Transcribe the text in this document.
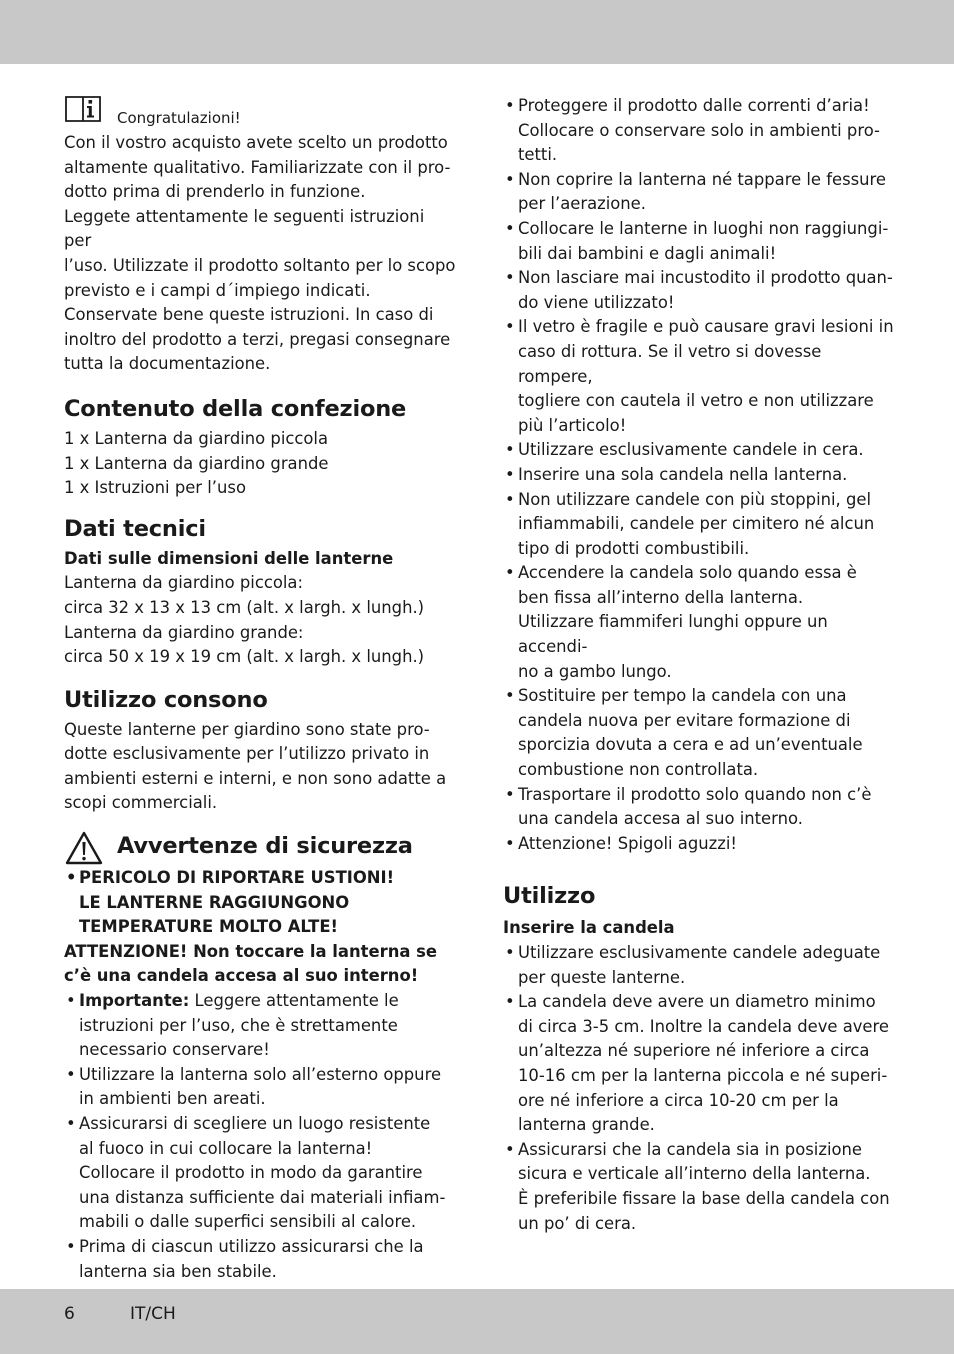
Congratulazioni!

Con il vostro acquisto avete scelto un prodotto

altamente qualitativo. Familiarizzate con il pro-

dotto prima di prenderlo in funzione.

Leggete attentamente le seguenti istruzioni per

l’uso. Utilizzate il prodotto soltanto per lo scopo

previsto e i campi d´impiego indicati.

Conservate bene queste istruzioni. In caso di

inoltro del prodotto a terzi, pregasi consegnare

tutta la documentazione.

Contenuto della confezione

1 x Lanterna da giardino piccola

1 x Lanterna da giardino grande

1 x Istruzioni per l’uso

Dati tecnici

Dati sulle dimensioni delle lanterne

Lanterna da giardino piccola:

circa 32 x 13 x 13 cm (alt. x largh. x lungh.)

Lanterna da giardino grande:

circa 50 x 19 x 19 cm (alt. x largh. x lungh.)

Utilizzo consono

Queste lanterne per giardino sono state pro-

dotte esclusivamente per l’utilizzo privato in

ambienti esterni e interni, e non sono adatte a

scopi commerciali.

Avvertenze di sicurezza
• PERICOLO DI RIPORTARE USTIONI!
LE LANTERNE RAGGIUNGONO
TEMPERATURE MOLTO ALTE!

ATTENZIONE! Non toccare la lanterna se

c’è una candela accesa al suo interno!

• Importante: Leggere attentamente le
istruzioni per l’uso, che è strettamente
necessario conservare!
• Utilizzare la lanterna solo all’esterno oppure
in ambienti ben areati.
• Assicurarsi di scegliere un luogo resistente
al fuoco in cui collocare la lanterna!
Collocare il prodotto in modo da garantire
una distanza sufficiente dai materiali infiam-
mabili o dalle superfici sensibili al calore.
• Prima di ciascun utilizzo assicurarsi che la
lanterna sia ben stabile.
• Proteggere il prodotto dalle correnti d’aria!
Collocare o conservare solo in ambienti pro-
tetti.
• Non coprire la lanterna né tappare le fessure
per l’aerazione.
• Collocare le lanterne in luoghi non raggiungi-
bili dai bambini e dagli animali!
• Non lasciare mai incustodito il prodotto quan-
do viene utilizzato!
• Il vetro è fragile e può causare gravi lesioni in
caso di rottura. Se il vetro si dovesse rompere,
togliere con cautela il vetro e non utilizzare
più l’articolo!
• Utilizzare esclusivamente candele in cera.
• Inserire una sola candela nella lanterna.
• Non utilizzare candele con più stoppini, gel
infiammabili, candele per cimitero né alcun
tipo di prodotti combustibili.
• Accendere la candela solo quando essa è
ben fissa all’interno della lanterna.
Utilizzare fiammiferi lunghi oppure un accendi-
no a gambo lungo.
• Sostituire per tempo la candela con una
candela nuova per evitare formazione di
sporcizia dovuta a cera e ad un’eventuale
combustione non controllata.
• Trasportare il prodotto solo quando non c’è
una candela accesa al suo interno.
• Attenzione! Spigoli aguzzi!
Utilizzo

Inserire la candela

• Utilizzare esclusivamente candele adeguate
per queste lanterne.
• La candela deve avere un diametro minimo
di circa 3-5 cm. Inoltre la candela deve avere
un’altezza né superiore né inferiore a circa
10-16 cm per la lanterna piccola e né superi-
ore né inferiore a circa 10-20 cm per la
lanterna grande.
• Assicurarsi che la candela sia in posizione
sicura e verticale all’interno della lanterna.
È preferibile fissare la base della candela con
un po’ di cera.
6	IT/CH
